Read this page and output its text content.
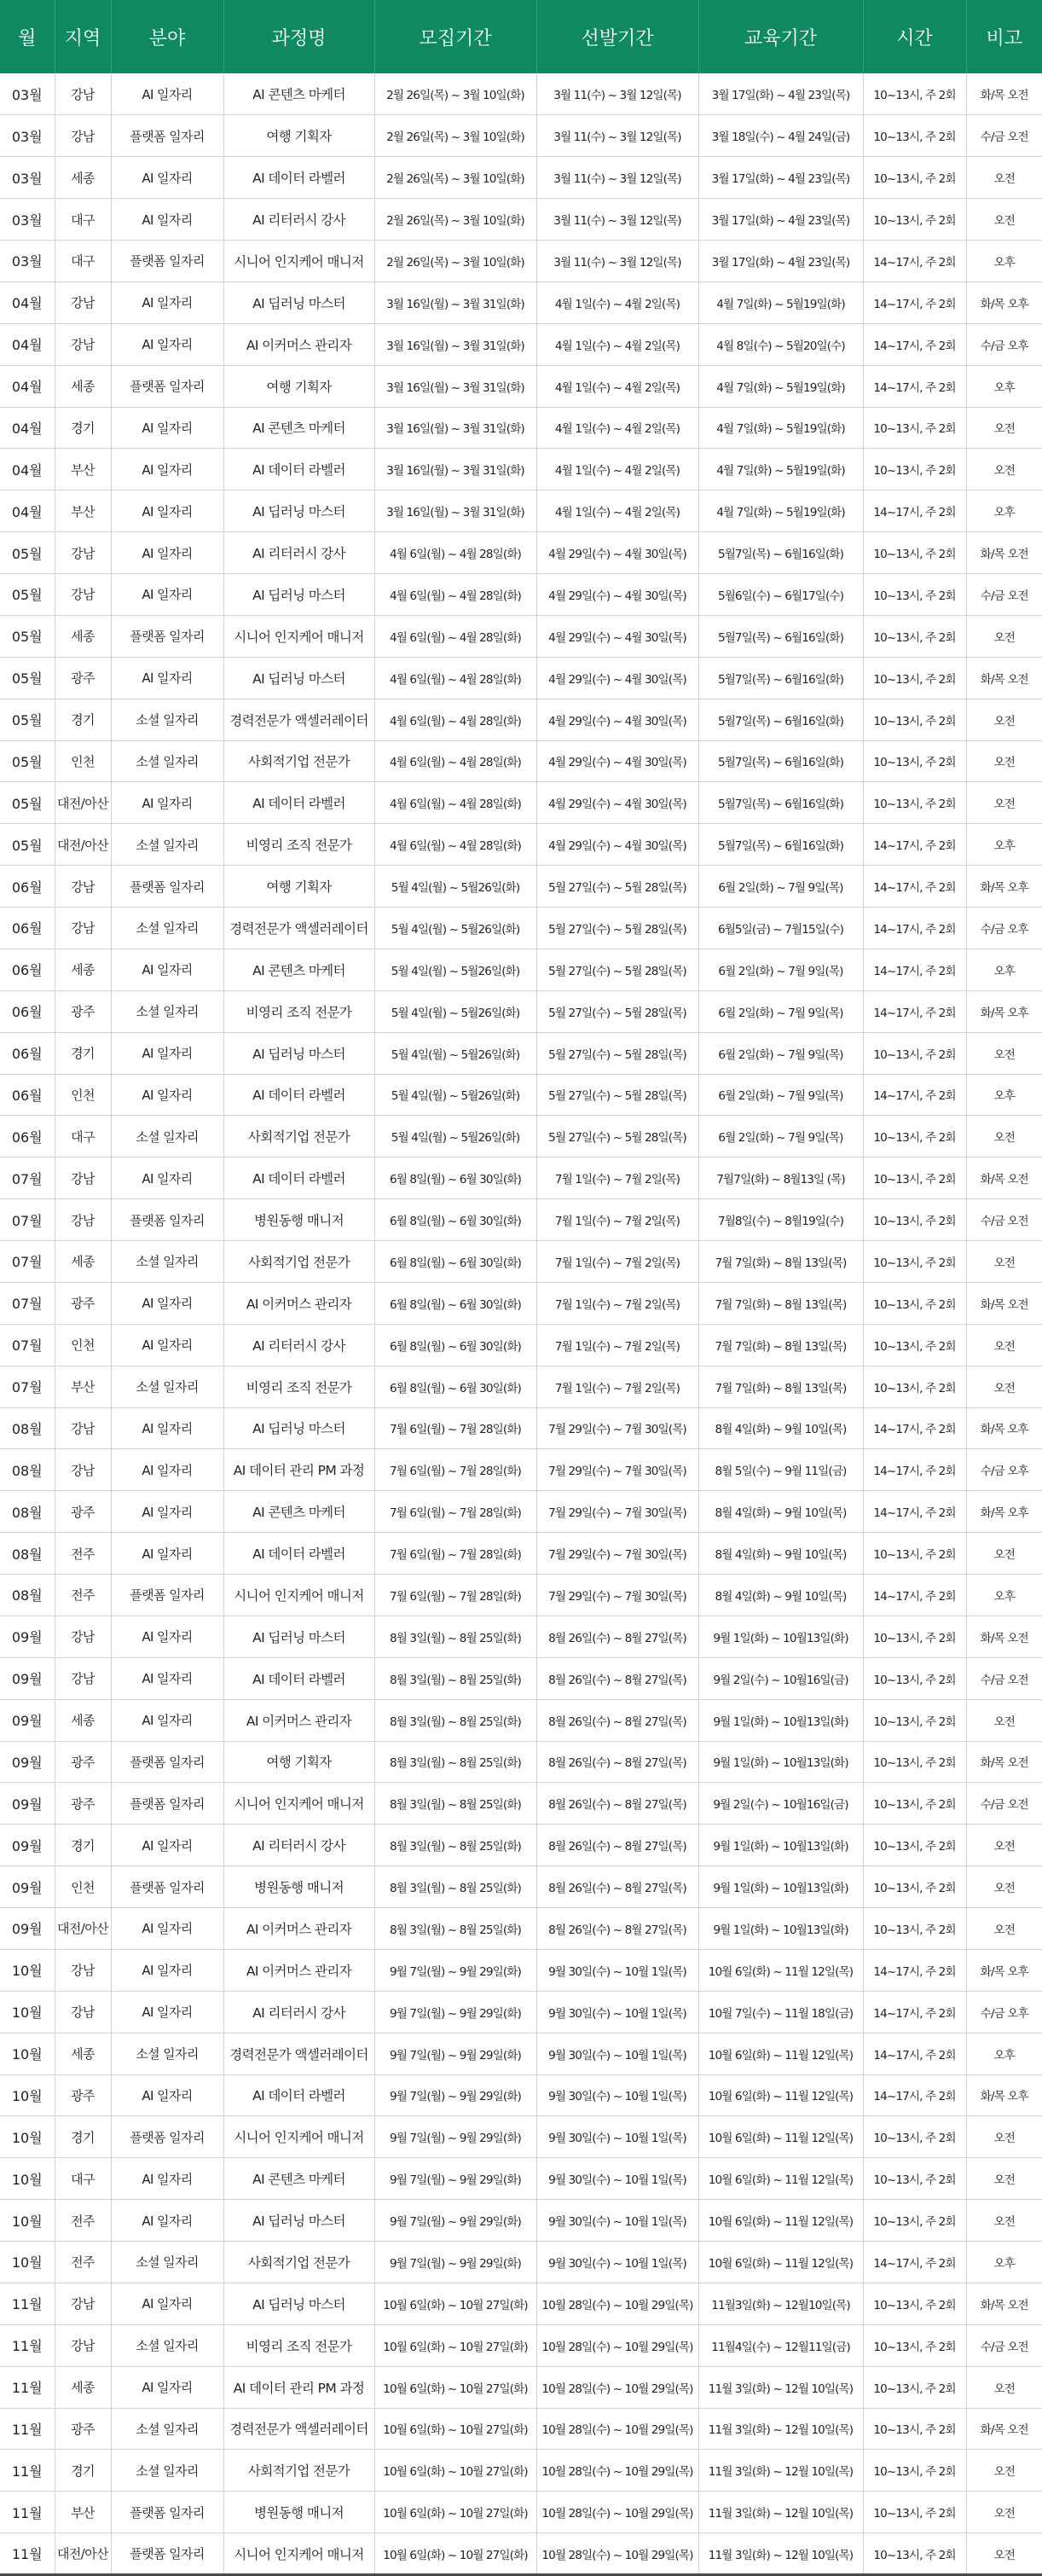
월	지역	분야	과정명	모집기간	선발기간	교육기간	시간	비고
03월	강남	AI 일자리	AI 콘텐츠 마케터	2월 26일(목) ~ 3월 10일(화)	3월 11(수) ~ 3월 12일(목)	3월 17일(화) ~ 4월 23일(목)	10~13시, 주 2회	화/목 오전
03월	강남	플랫폼 일자리	여행 기획자	2월 26일(목) ~ 3월 10일(화)	3월 11(수) ~ 3월 12일(목)	3월 18일(수) ~ 4월 24일(금)	10~13시, 주 2회	수/금 오전
03월	세종	AI 일자리	AI 데이터 라벨러	2월 26일(목) ~ 3월 10일(화)	3월 11(수) ~ 3월 12일(목)	3월 17일(화) ~ 4월 23일(목)	10~13시, 주 2회	오전
03월	대구	AI 일자리	AI 리터러시 강사	2월 26일(목) ~ 3월 10일(화)	3월 11(수) ~ 3월 12일(목)	3월 17일(화) ~ 4월 23일(목)	10~13시, 주 2회	오전
03월	대구	플랫폼 일자리	시니어 인지케어 매니저	2월 26일(목) ~ 3월 10일(화)	3월 11(수) ~ 3월 12일(목)	3월 17일(화) ~ 4월 23일(목)	14~17시, 주 2회	오후
04월	강남	AI 일자리	AI 딥러닝 마스터	3월 16일(월) ~ 3월 31일(화)	4월 1일(수) ~ 4월 2일(목)	4월 7일(화) ~ 5월19일(화)	14~17시, 주 2회	화/목 오후
04월	강남	AI 일자리	AI 이커머스 관리자	3월 16일(월) ~ 3월 31일(화)	4월 1일(수) ~ 4월 2일(목)	4월 8일(수) ~ 5월20일(수)	14~17시, 주 2회	수/금 오후
04월	세종	플랫폼 일자리	여행 기획자	3월 16일(월) ~ 3월 31일(화)	4월 1일(수) ~ 4월 2일(목)	4월 7일(화) ~ 5월19일(화)	14~17시, 주 2회	오후
04월	경기	AI 일자리	AI 콘텐츠 마케터	3월 16일(월) ~ 3월 31일(화)	4월 1일(수) ~ 4월 2일(목)	4월 7일(화) ~ 5월19일(화)	10~13시, 주 2회	오전
04월	부산	AI 일자리	AI 데이터 라벨러	3월 16일(월) ~ 3월 31일(화)	4월 1일(수) ~ 4월 2일(목)	4월 7일(화) ~ 5월19일(화)	10~13시, 주 2회	오전
04월	부산	AI 일자리	AI 딥러닝 마스터	3월 16일(월) ~ 3월 31일(화)	4월 1일(수) ~ 4월 2일(목)	4월 7일(화) ~ 5월19일(화)	14~17시, 주 2회	오후
05월	강남	AI 일자리	AI 리터러시 강사	4월 6일(월) ~ 4월 28일(화)	4월 29일(수) ~ 4월 30일(목)	5월7일(목) ~ 6월16일(화)	10~13시, 주 2회	화/목 오전
05월	강남	AI 일자리	AI 딥러닝 마스터	4월 6일(월) ~ 4월 28일(화)	4월 29일(수) ~ 4월 30일(목)	5월6일(수) ~ 6월17일(수)	10~13시, 주 2회	수/금 오전
05월	세종	플랫폼 일자리	시니어 인지케어 매니저	4월 6일(월) ~ 4월 28일(화)	4월 29일(수) ~ 4월 30일(목)	5월7일(목) ~ 6월16일(화)	10~13시, 주 2회	오전
05월	광주	AI 일자리	AI 딥러닝 마스터	4월 6일(월) ~ 4월 28일(화)	4월 29일(수) ~ 4월 30일(목)	5월7일(목) ~ 6월16일(화)	10~13시, 주 2회	화/목 오전
05월	경기	소셜 일자리	경력전문가 액셀러레이터	4월 6일(월) ~ 4월 28일(화)	4월 29일(수) ~ 4월 30일(목)	5월7일(목) ~ 6월16일(화)	10~13시, 주 2회	오전
05월	인천	소셜 일자리	사회적기업 전문가	4월 6일(월) ~ 4월 28일(화)	4월 29일(수) ~ 4월 30일(목)	5월7일(목) ~ 6월16일(화)	10~13시, 주 2회	오전
05월	대전/아산	AI 일자리	AI 데이터 라벨러	4월 6일(월) ~ 4월 28일(화)	4월 29일(수) ~ 4월 30일(목)	5월7일(목) ~ 6월16일(화)	10~13시, 주 2회	오전
05월	대전/아산	소셜 일자리	비영리 조직 전문가	4월 6일(월) ~ 4월 28일(화)	4월 29일(수) ~ 4월 30일(목)	5월7일(목) ~ 6월16일(화)	14~17시, 주 2회	오후
06월	강남	플랫폼 일자리	여행 기획자	5월 4일(월) ~ 5월26일(화)	5월 27일(수) ~ 5월 28일(목)	6월 2일(화) ~ 7월 9일(목)	14~17시, 주 2회	화/목 오후
06월	강남	소셜 일자리	경력전문가 액셀러레이터	5월 4일(월) ~ 5월26일(화)	5월 27일(수) ~ 5월 28일(목)	6월5일(금) ~ 7월15일(수)	14~17시, 주 2회	수/금 오후
06월	세종	AI 일자리	AI 콘텐츠 마케터	5월 4일(월) ~ 5월26일(화)	5월 27일(수) ~ 5월 28일(목)	6월 2일(화) ~ 7월 9일(목)	14~17시, 주 2회	오후
06월	광주	소셜 일자리	비영리 조직 전문가	5월 4일(월) ~ 5월26일(화)	5월 27일(수) ~ 5월 28일(목)	6월 2일(화) ~ 7월 9일(목)	14~17시, 주 2회	화/목 오후
06월	경기	AI 일자리	AI 딥러닝 마스터	5월 4일(월) ~ 5월26일(화)	5월 27일(수) ~ 5월 28일(목)	6월 2일(화) ~ 7월 9일(목)	10~13시, 주 2회	오전
06월	인천	AI 일자리	AI 데이터 라벨러	5월 4일(월) ~ 5월26일(화)	5월 27일(수) ~ 5월 28일(목)	6월 2일(화) ~ 7월 9일(목)	14~17시, 주 2회	오후
06월	대구	소셜 일자리	사회적기업 전문가	5월 4일(월) ~ 5월26일(화)	5월 27일(수) ~ 5월 28일(목)	6월 2일(화) ~ 7월 9일(목)	10~13시, 주 2회	오전
07월	강남	AI 일자리	AI 데이터 라벨러	6월 8일(월) ~ 6월 30일(화)	7월 1일(수) ~ 7월 2일(목)	7월7일(화) ~ 8월13일 (목)	10~13시, 주 2회	화/목 오전
07월	강남	플랫폼 일자리	병원동행 매니저	6월 8일(월) ~ 6월 30일(화)	7월 1일(수) ~ 7월 2일(목)	7월8일(수) ~ 8월19일(수)	10~13시, 주 2회	수/금 오전
07월	세종	소셜 일자리	사회적기업 전문가	6월 8일(월) ~ 6월 30일(화)	7월 1일(수) ~ 7월 2일(목)	7월 7일(화) ~ 8월 13일(목)	10~13시, 주 2회	오전
07월	광주	AI 일자리	AI 이커머스 관리자	6월 8일(월) ~ 6월 30일(화)	7월 1일(수) ~ 7월 2일(목)	7월 7일(화) ~ 8월 13일(목)	10~13시, 주 2회	화/목 오전
07월	인천	AI 일자리	AI 리터러시 강사	6월 8일(월) ~ 6월 30일(화)	7월 1일(수) ~ 7월 2일(목)	7월 7일(화) ~ 8월 13일(목)	10~13시, 주 2회	오전
07월	부산	소셜 일자리	비영리 조직 전문가	6월 8일(월) ~ 6월 30일(화)	7월 1일(수) ~ 7월 2일(목)	7월 7일(화) ~ 8월 13일(목)	10~13시, 주 2회	오전
08월	강남	AI 일자리	AI 딥러닝 마스터	7월 6일(월) ~ 7월 28일(화)	7월 29일(수) ~ 7월 30일(목)	8월 4일(화) ~ 9월 10일(목)	14~17시, 주 2회	화/목 오후
08월	강남	AI 일자리	AI 데이터 관리 PM 과정	7월 6일(월) ~ 7월 28일(화)	7월 29일(수) ~ 7월 30일(목)	8월 5일(수) ~ 9월 11일(금)	14~17시, 주 2회	수/금 오후
08월	광주	AI 일자리	AI 콘텐츠 마케터	7월 6일(월) ~ 7월 28일(화)	7월 29일(수) ~ 7월 30일(목)	8월 4일(화) ~ 9월 10일(목)	14~17시, 주 2회	화/목 오후
08월	전주	AI 일자리	AI 데이터 라벨러	7월 6일(월) ~ 7월 28일(화)	7월 29일(수) ~ 7월 30일(목)	8월 4일(화) ~ 9월 10일(목)	10~13시, 주 2회	오전
08월	전주	플랫폼 일자리	시니어 인지케어 매니저	7월 6일(월) ~ 7월 28일(화)	7월 29일(수) ~ 7월 30일(목)	8월 4일(화) ~ 9월 10일(목)	14~17시, 주 2회	오후
09월	강남	AI 일자리	AI 딥러닝 마스터	8월 3일(월) ~ 8월 25일(화)	8월 26일(수) ~ 8월 27일(목)	9월 1일(화) ~ 10월13일(화)	10~13시, 주 2회	화/목 오전
09월	강남	AI 일자리	AI 데이터 라벨러	8월 3일(월) ~ 8월 25일(화)	8월 26일(수) ~ 8월 27일(목)	9월 2일(수) ~ 10월16일(금)	10~13시, 주 2회	수/금 오전
09월	세종	AI 일자리	AI 이커머스 관리자	8월 3일(월) ~ 8월 25일(화)	8월 26일(수) ~ 8월 27일(목)	9월 1일(화) ~ 10월13일(화)	10~13시, 주 2회	오전
09월	광주	플랫폼 일자리	여행 기획자	8월 3일(월) ~ 8월 25일(화)	8월 26일(수) ~ 8월 27일(목)	9월 1일(화) ~ 10월13일(화)	10~13시, 주 2회	화/목 오전
09월	광주	플랫폼 일자리	시니어 인지케어 매니저	8월 3일(월) ~ 8월 25일(화)	8월 26일(수) ~ 8월 27일(목)	9월 2일(수) ~ 10월16일(금)	10~13시, 주 2회	수/금 오전
09월	경기	AI 일자리	AI 리터러시 강사	8월 3일(월) ~ 8월 25일(화)	8월 26일(수) ~ 8월 27일(목)	9월 1일(화) ~ 10월13일(화)	10~13시, 주 2회	오전
09월	인천	플랫폼 일자리	병원동행 매니저	8월 3일(월) ~ 8월 25일(화)	8월 26일(수) ~ 8월 27일(목)	9월 1일(화) ~ 10월13일(화)	10~13시, 주 2회	오전
09월	대전/아산	AI 일자리	AI 이커머스 관리자	8월 3일(월) ~ 8월 25일(화)	8월 26일(수) ~ 8월 27일(목)	9월 1일(화) ~ 10월13일(화)	10~13시, 주 2회	오전
10월	강남	AI 일자리	AI 이커머스 관리자	9월 7일(월) ~ 9월 29일(화)	9월 30일(수) ~ 10월 1일(목)	10월 6일(화) ~ 11월 12일(목)	14~17시, 주 2회	화/목 오후
10월	강남	AI 일자리	AI 리터러시 강사	9월 7일(월) ~ 9월 29일(화)	9월 30일(수) ~ 10월 1일(목)	10월 7일(수) ~ 11월 18일(금)	14~17시, 주 2회	수/금 오후
10월	세종	소셜 일자리	경력전문가 액셀러레이터	9월 7일(월) ~ 9월 29일(화)	9월 30일(수) ~ 10월 1일(목)	10월 6일(화) ~ 11월 12일(목)	14~17시, 주 2회	오후
10월	광주	AI 일자리	AI 데이터 라벨러	9월 7일(월) ~ 9월 29일(화)	9월 30일(수) ~ 10월 1일(목)	10월 6일(화) ~ 11월 12일(목)	14~17시, 주 2회	화/목 오후
10월	경기	플랫폼 일자리	시니어 인지케어 매니저	9월 7일(월) ~ 9월 29일(화)	9월 30일(수) ~ 10월 1일(목)	10월 6일(화) ~ 11월 12일(목)	10~13시, 주 2회	오전
10월	대구	AI 일자리	AI 콘텐츠 마케터	9월 7일(월) ~ 9월 29일(화)	9월 30일(수) ~ 10월 1일(목)	10월 6일(화) ~ 11월 12일(목)	10~13시, 주 2회	오전
10월	전주	AI 일자리	AI 딥러닝 마스터	9월 7일(월) ~ 9월 29일(화)	9월 30일(수) ~ 10월 1일(목)	10월 6일(화) ~ 11월 12일(목)	10~13시, 주 2회	오전
10월	전주	소셜 일자리	사회적기업 전문가	9월 7일(월) ~ 9월 29일(화)	9월 30일(수) ~ 10월 1일(목)	10월 6일(화) ~ 11월 12일(목)	14~17시, 주 2회	오후
11월	강남	AI 일자리	AI 딥러닝 마스터	10월 6일(화) ~ 10월 27일(화)	10월 28일(수) ~ 10월 29일(목)	11월3일(화) ~ 12월10일(목)	10~13시, 주 2회	화/목 오전
11월	강남	소셜 일자리	비영리 조직 전문가	10월 6일(화) ~ 10월 27일(화)	10월 28일(수) ~ 10월 29일(목)	11월4일(수) ~ 12월11일(금)	10~13시, 주 2회	수/금 오전
11월	세종	AI 일자리	AI 데이터 관리 PM 과정	10월 6일(화) ~ 10월 27일(화)	10월 28일(수) ~ 10월 29일(목)	11월 3일(화) ~ 12월 10일(목)	10~13시, 주 2회	오전
11월	광주	소셜 일자리	경력전문가 액셀러레이터	10월 6일(화) ~ 10월 27일(화)	10월 28일(수) ~ 10월 29일(목)	11월 3일(화) ~ 12월 10일(목)	10~13시, 주 2회	화/목 오전
11월	경기	소셜 일자리	사회적기업 전문가	10월 6일(화) ~ 10월 27일(화)	10월 28일(수) ~ 10월 29일(목)	11월 3일(화) ~ 12월 10일(목)	10~13시, 주 2회	오전
11월	부산	플랫폼 일자리	병원동행 매니저	10월 6일(화) ~ 10월 27일(화)	10월 28일(수) ~ 10월 29일(목)	11월 3일(화) ~ 12월 10일(목)	10~13시, 주 2회	오전
11월	대전/아산	플랫폼 일자리	시니어 인지케어 매니저	10월 6일(화) ~ 10월 27일(화)	10월 28일(수) ~ 10월 29일(목)	11월 3일(화) ~ 12월 10일(목)	10~13시, 주 2회	오전
